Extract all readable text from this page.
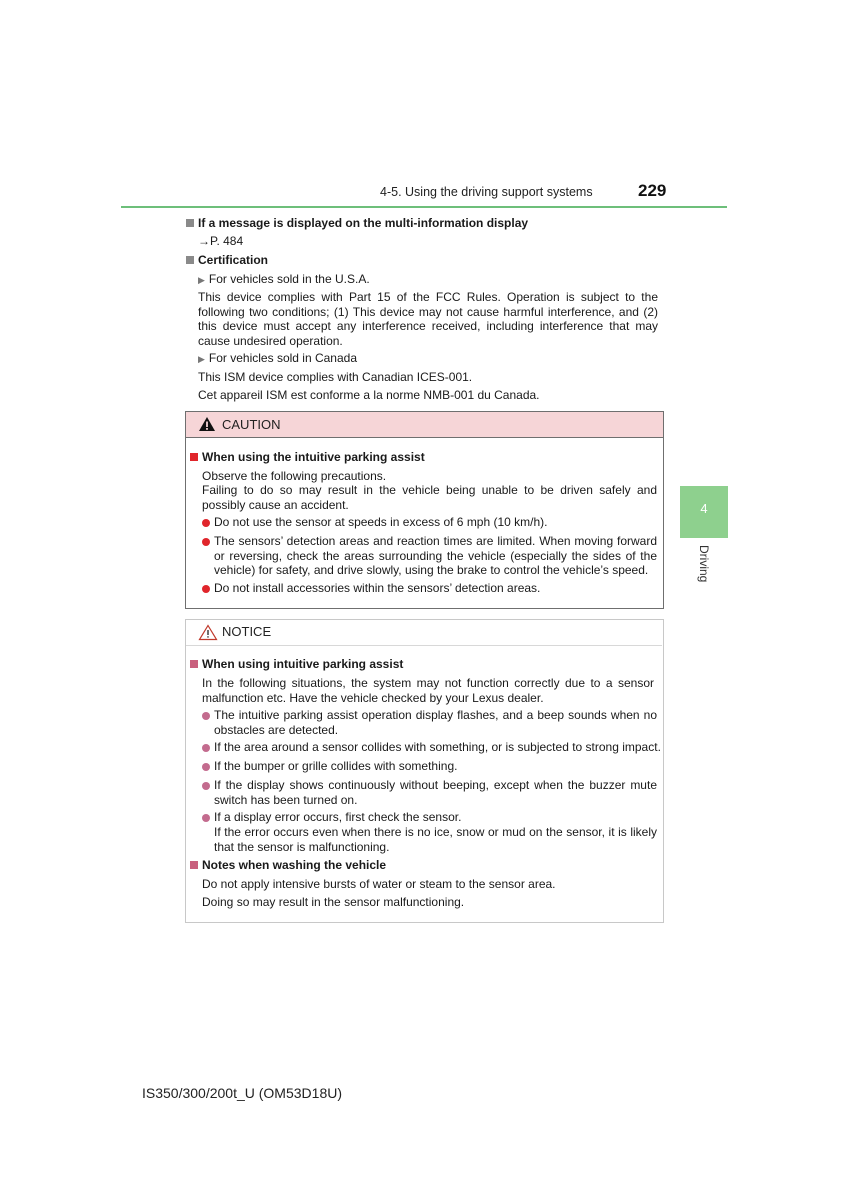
4-5. Using the driving support systems	229
4
Driving
If a message is displayed on the multi-information display
→P. 484
Certification
▶ For vehicles sold in the U.S.A.
This device complies with Part 15 of the FCC Rules. Operation is subject to the following two conditions; (1) This device may not cause harmful interference, and (2) this device must accept any interference received, including interference that may cause undesired operation.
▶ For vehicles sold in Canada
This ISM device complies with Canadian ICES-001.
Cet appareil ISM est conforme a la norme NMB-001 du Canada.
CAUTION
When using the intuitive parking assist
Observe the following precautions.
Failing to do so may result in the vehicle being unable to be driven safely and possibly cause an accident.
Do not use the sensor at speeds in excess of 6 mph (10 km/h).
The sensors’ detection areas and reaction times are limited. When moving forward or reversing, check the areas surrounding the vehicle (especially the sides of the vehicle) for safety, and drive slowly, using the brake to control the vehicle’s speed.
Do not install accessories within the sensors’ detection areas.
NOTICE
When using intuitive parking assist
In the following situations, the system may not function correctly due to a sensor malfunction etc. Have the vehicle checked by your Lexus dealer.
The intuitive parking assist operation display flashes, and a beep sounds when no obstacles are detected.
If the area around a sensor collides with something, or is subjected to strong impact.
If the bumper or grille collides with something.
If the display shows continuously without beeping, except when the buzzer mute switch has been turned on.
If a display error occurs, first check the sensor.
If the error occurs even when there is no ice, snow or mud on the sensor, it is likely that the sensor is malfunctioning.
Notes when washing the vehicle
Do not apply intensive bursts of water or steam to the sensor area.
Doing so may result in the sensor malfunctioning.
IS350/300/200t_U (OM53D18U)
